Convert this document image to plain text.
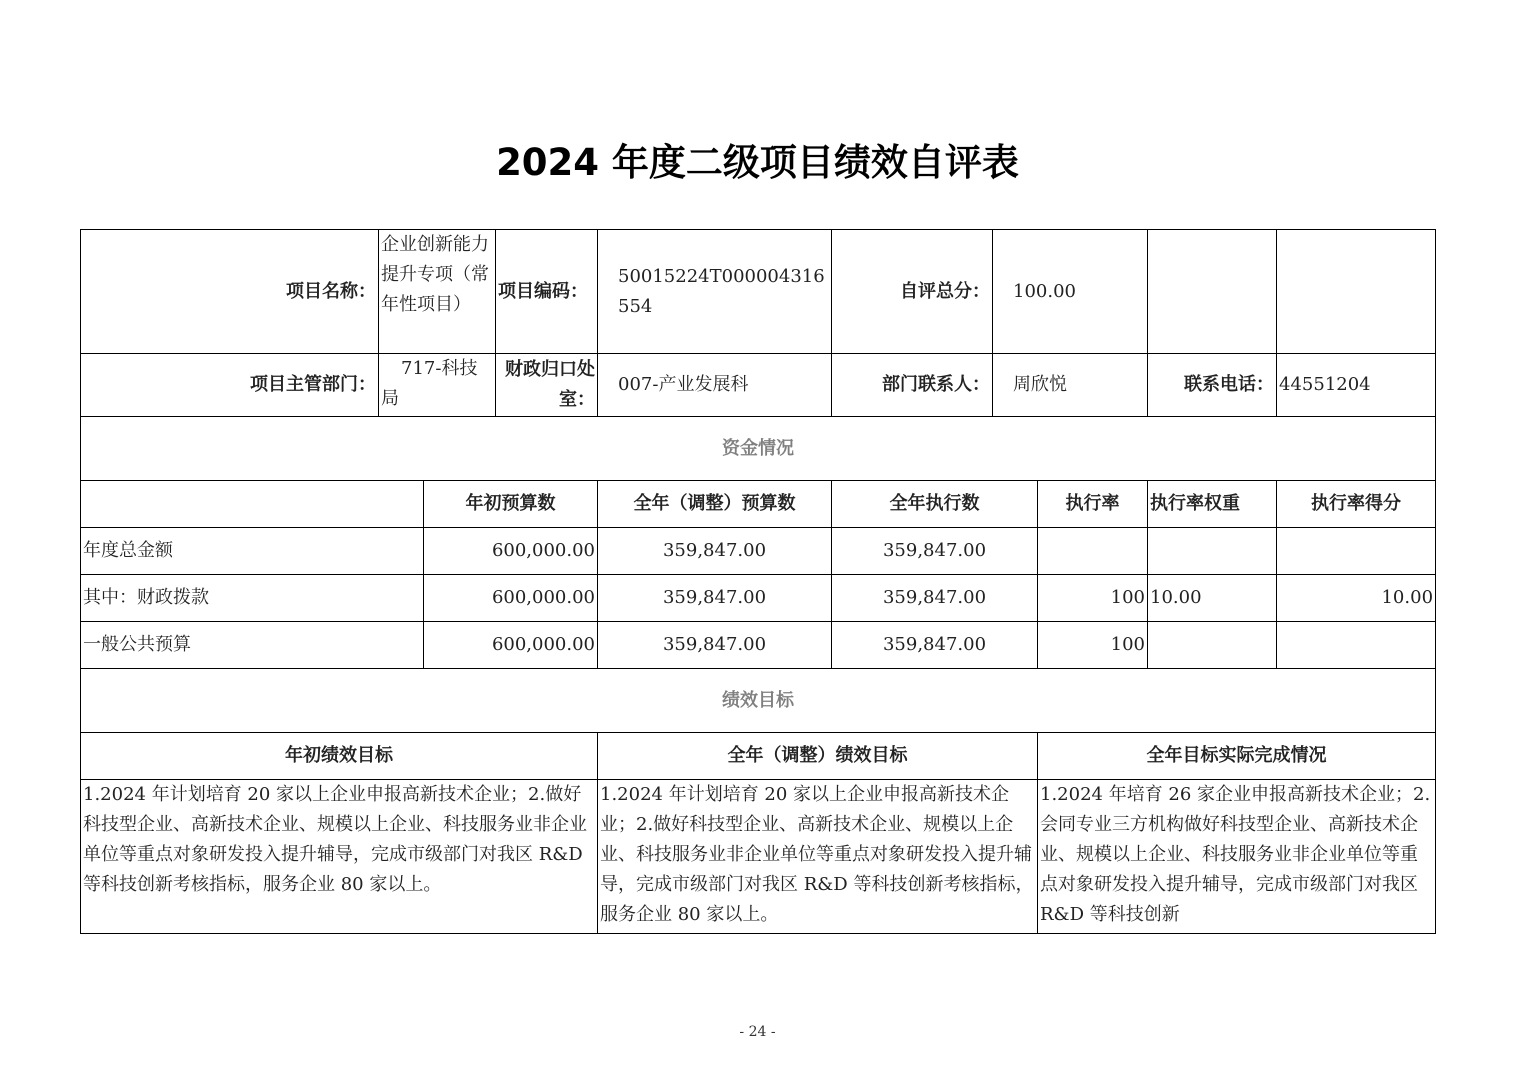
2024 年度二级项目绩效自评表
项目名称：	企业创新能力提升专项（常年性项目）		项目编码：	50015224T000004316554	自评总分：	100.00			
项目主管部门：	717-科技局		财政归口处室：	007-产业发展科	部门联系人：	周欣悦		联系电话：	44551204
资金情况									
		年初预算数		全年（调整）预算数	全年执行数		执行率	执行率权重	执行率得分
年度总金额		600,000.00		359,847.00	359,847.00				
其中：财政拨款		600,000.00		359,847.00	359,847.00		100	10.00	10.00
一般公共预算		600,000.00		359,847.00	359,847.00		100		
绩效目标									
年初绩效目标				全年（调整）绩效目标			全年目标实际完成情况		
1.2024 年计划培育 20 家以上企业申报高新技术企业；2.做好科技型企业、高新技术企业、规模以上企业、科技服务业非企业单位等重点对象研发投入提升辅导，完成市级部门对我区 R&D 等科技创新考核指标，服务企业 80 家以上。				1.2024 年计划培育 20 家以上企业申报高新技术企业；2.做好科技型企业、高新技术企业、规模以上企业、科技服务业非企业单位等重点对象研发投入提升辅导，完成市级部门对我区 R&D 等科技创新考核指标，服务企业 80 家以上。			1.2024 年培育 26 家企业申报高新技术企业；2.会同专业三方机构做好科技型企业、高新技术企业、规模以上企业、科技服务业非企业单位等重点对象研发投入提升辅导，完成市级部门对我区 R&D 等科技创新		
- 24 -
